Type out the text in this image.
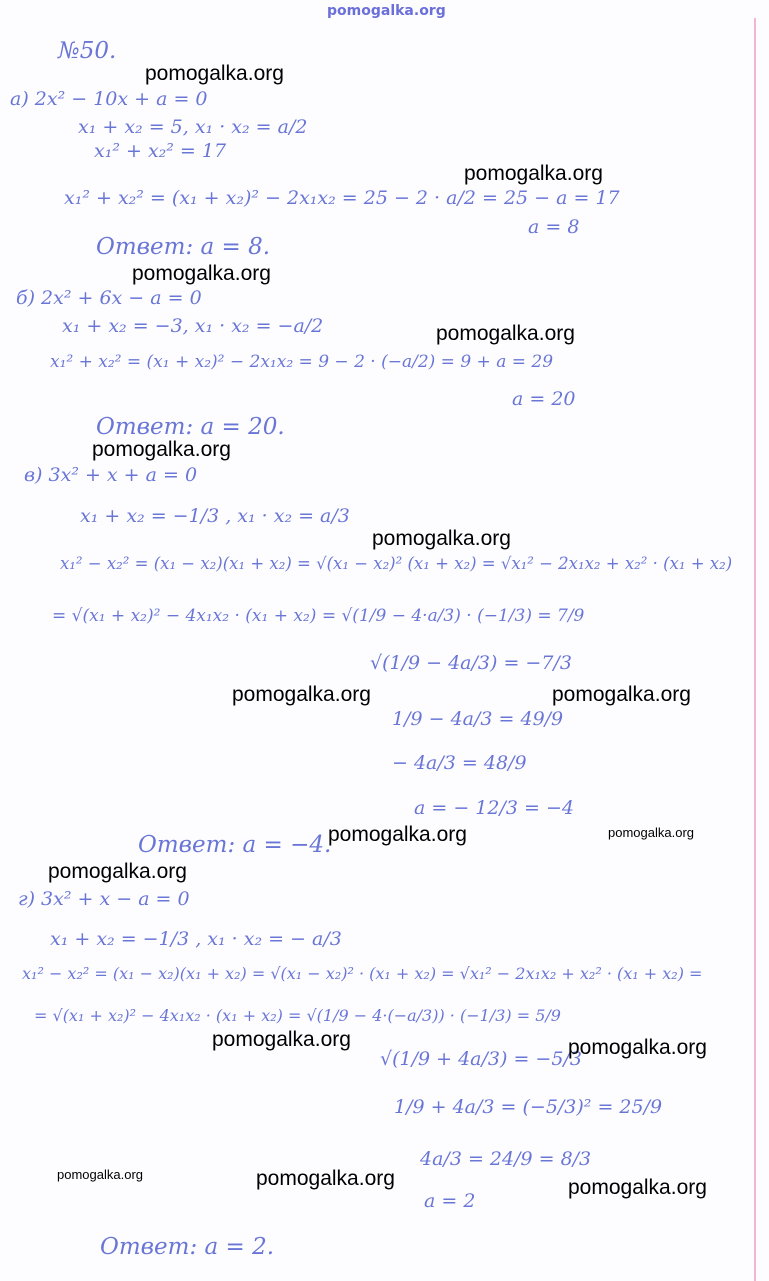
pomogalka.org
№50.
а) 2x² − 10x + a = 0
x₁ + x₂ = 5, x₁ · x₂ = a/2
x₁² + x₂² = 17
x₁² + x₂² = (x₁ + x₂)² − 2x₁x₂ = 25 − 2 · a/2 = 25 − a = 17
a = 8
Ответ: a = 8.
б) 2x² + 6x − a = 0
x₁ + x₂ = −3, x₁ · x₂ = −a/2
x₁² + x₂² = (x₁ + x₂)² − 2x₁x₂ = 9 − 2 · (−a/2) = 9 + a = 29
a = 20
Ответ: a = 20.
в) 3x² + x + a = 0
x₁ + x₂ = −1/3 , x₁ · x₂ = a/3
x₁² − x₂² = (x₁ − x₂)(x₁ + x₂) = √(x₁ − x₂)² (x₁ + x₂) = √x₁² − 2x₁x₂ + x₂² · (x₁ + x₂)
= √(x₁ + x₂)² − 4x₁x₂ · (x₁ + x₂) = √(1/9 − 4·a/3) · (−1/3) = 7/9
√(1/9 − 4a/3) = −7/3
1/9 − 4a/3 = 49/9
− 4a/3 = 48/9
a = − 12/3 = −4
Ответ: a = −4.
г) 3x² + x − a = 0
x₁ + x₂ = −1/3 , x₁ · x₂ = − a/3
x₁² − x₂² = (x₁ − x₂)(x₁ + x₂) = √(x₁ − x₂)² · (x₁ + x₂) = √x₁² − 2x₁x₂ + x₂² · (x₁ + x₂) =
= √(x₁ + x₂)² − 4x₁x₂ · (x₁ + x₂) = √(1/9 − 4·(−a/3)) · (−1/3) = 5/9
√(1/9 + 4a/3) = −5/3
1/9 + 4a/3 = (−5/3)² = 25/9
4a/3 = 24/9 = 8/3
a = 2
Ответ: a = 2.
pomogalka.org
pomogalka.org
pomogalka.org
pomogalka.org
pomogalka.org
pomogalka.org
pomogalka.org	pomogalka.org
pomogalka.org	pomogalka.org
pomogalka.org
pomogalka.org	pomogalka.org
pomogalka.org	pomogalka.org	pomogalka.org
